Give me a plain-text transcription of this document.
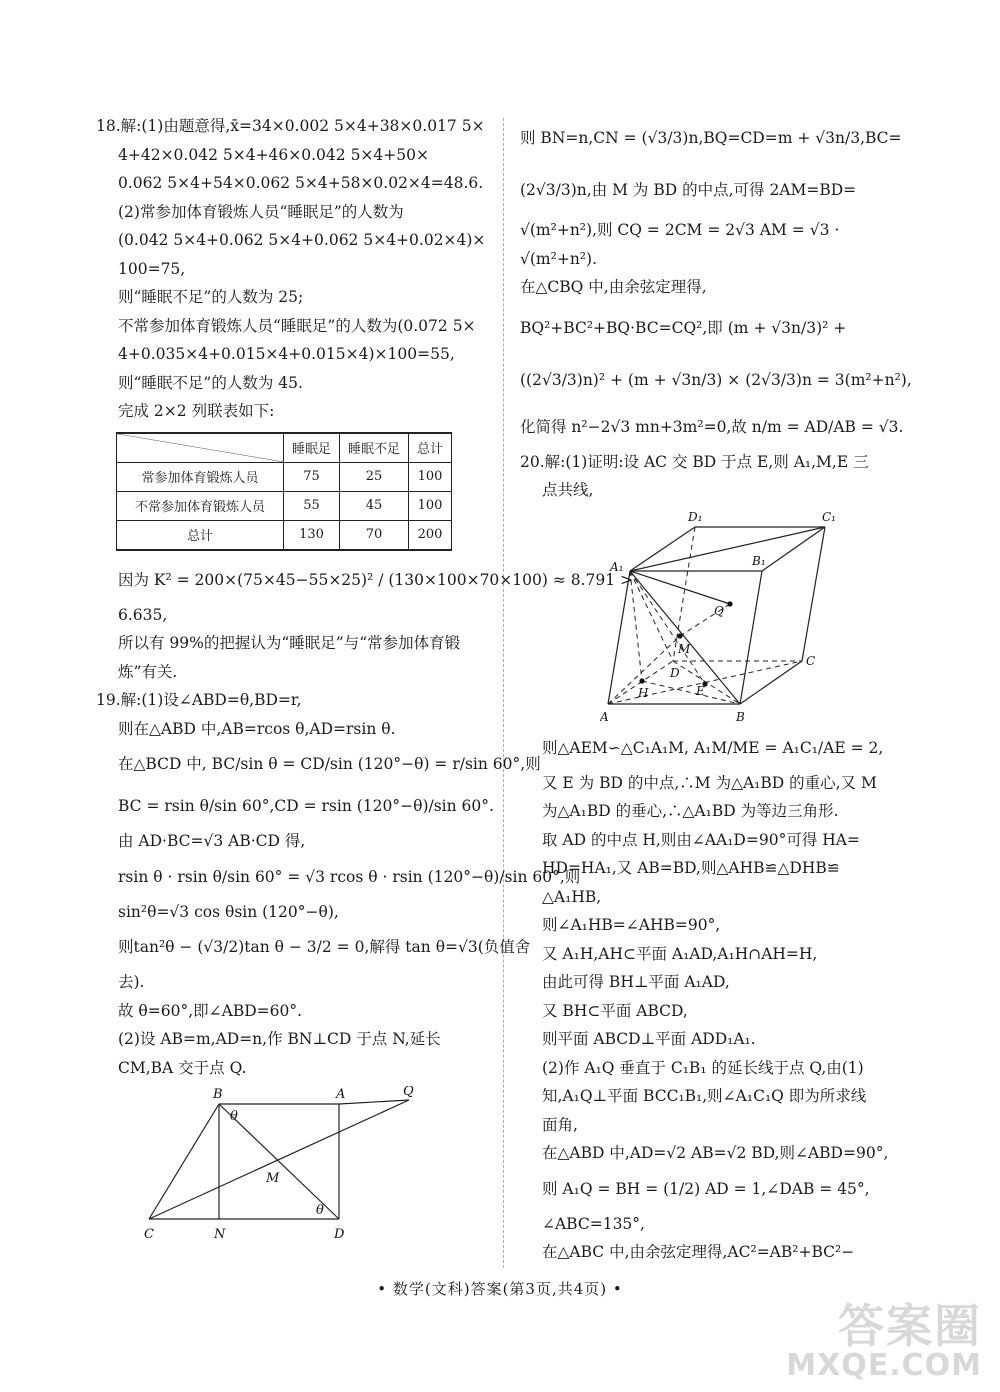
18.解:(1)由题意得,x̄=34×0.002 5×4+38×0.017 5×
4+42×0.042 5×4+46×0.042 5×4+50×
0.062 5×4+54×0.062 5×4+58×0.02×4=48.6.
(2)常参加体育锻炼人员“睡眠足”的人数为
(0.042 5×4+0.062 5×4+0.062 5×4+0.02×4)×
100=75,
则“睡眠不足”的人数为 25;
不常参加体育锻炼人员“睡眠足”的人数为(0.072 5×
4+0.035×4+0.015×4+0.015×4)×100=55,
则“睡眠不足”的人数为 45.
完成 2×2 列联表如下:
	睡眠足	睡眠不足	总计
常参加体育锻炼人员	75	25	100
不常参加体育锻炼人员	55	45	100
总计	130	70	200
因为 K² = 200×(75×45−55×25)² / (130×100×70×100) ≈ 8.791 >
6.635,
所以有 99%的把握认为“睡眠足”与“常参加体育锻
炼”有关.
19.解:(1)设∠ABD=θ,BD=r,
则在△ABD 中,AB=rcos θ,AD=rsin θ.
在△BCD 中, BC/sin θ = CD/sin (120°−θ) = r/sin 60°,则
BC = rsin θ/sin 60°,CD = rsin (120°−θ)/sin 60°.
由 AD·BC=√3 AB·CD 得,
rsin θ · rsin θ/sin 60° = √3 rcos θ · rsin (120°−θ)/sin 60°,则
sin²θ=√3 cos θsin (120°−θ),
则tan²θ − (√3/2)tan θ − 3/2 = 0,解得 tan θ=√3(负值舍
去).
故 θ=60°,即∠ABD=60°.
(2)设 AB=m,AD=n,作 BN⊥CD 于点 N,延长
CM,BA 交于点 Q.
B	A	Q
M
C	N	D
θ
θ
则 BN=n,CN = (√3/3)n,BQ=CD=m + √3n/3,BC=
(2√3/3)n,由 M 为 BD 的中点,可得 2AM=BD=
√(m²+n²),则 CQ = 2CM = 2√3 AM = √3 ·
√(m²+n²).
在△CBQ 中,由余弦定理得,
BQ²+BC²+BQ·BC=CQ²,即 (m + √3n/3)² +
((2√3/3)n)² + (m + √3n/3) × (2√3/3)n = 3(m²+n²),
化简得 n²−2√3 mn+3m²=0,故 n/m = AD/AB = √3.
20.解:(1)证明:设 AC 交 BD 于点 E,则 A₁,M,E 三
点共线,
D₁	C₁
A₁	B₁
Q
M
D
C
H	E
A	B
则△AEM∽△C₁A₁M, A₁M/ME = A₁C₁/AE = 2,
又 E 为 BD 的中点,∴M 为△A₁BD 的重心,又 M
为△A₁BD 的垂心,∴△A₁BD 为等边三角形.
取 AD 的中点 H,则由∠AA₁D=90°可得 HA=
HD=HA₁,又 AB=BD,则△AHB≌△DHB≌
△A₁HB,
则∠A₁HB=∠AHB=90°,
又 A₁H,AH⊂平面 A₁AD,A₁H∩AH=H,
由此可得 BH⊥平面 A₁AD,
又 BH⊂平面 ABCD,
则平面 ABCD⊥平面 ADD₁A₁.
(2)作 A₁Q 垂直于 C₁B₁ 的延长线于点 Q,由(1)
知,A₁Q⊥平面 BCC₁B₁,则∠A₁C₁Q 即为所求线
面角,
在△ABD 中,AD=√2 AB=√2 BD,则∠ABD=90°,
则 A₁Q = BH = (1/2) AD = 1,∠DAB = 45°,
∠ABC=135°,
在△ABC 中,由余弦定理得,AC²=AB²+BC²−
• 数学(文科)答案(第3页,共4页) •
答案圈
MXQE.COM
